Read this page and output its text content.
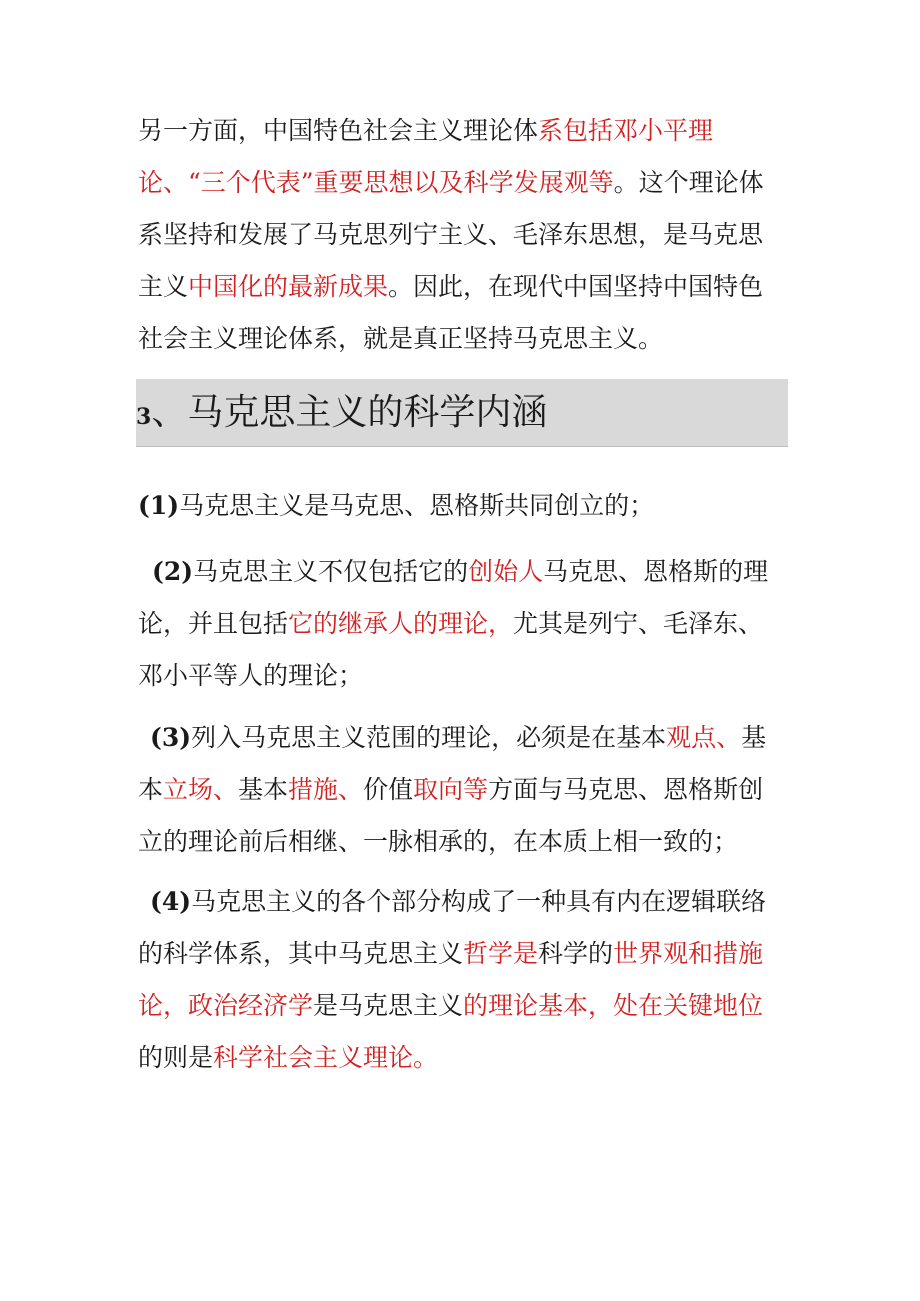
另一方面，中国特色社会主义理论体系包括邓小平理论、“三个代表”重要思想以及科学发展观等。这个理论体系坚持和发展了马克思列宁主义、毛泽东思想，是马克思主义中国化的最新成果。因此，在现代中国坚持中国特色社会主义理论体系，就是真正坚持马克思主义。

3、马克思主义的科学内涵

(1)马克思主义是马克思、恩格斯共同创立的；

(2)马克思主义不仅包括它的创始人马克思、恩格斯的理论，并且包括它的继承人的理论，尤其是列宁、毛泽东、邓小平等人的理论；

(3)列入马克思主义范围的理论，必须是在基本观点、基本立场、基本措施、价值取向等方面与马克思、恩格斯创立的理论前后相继、一脉相承的，在本质上相一致的；

(4)马克思主义的各个部分构成了一种具有内在逻辑联络的科学体系，其中马克思主义哲学是科学的世界观和措施论，政治经济学是马克思主义的理论基本，处在关键地位的则是科学社会主义理论。
